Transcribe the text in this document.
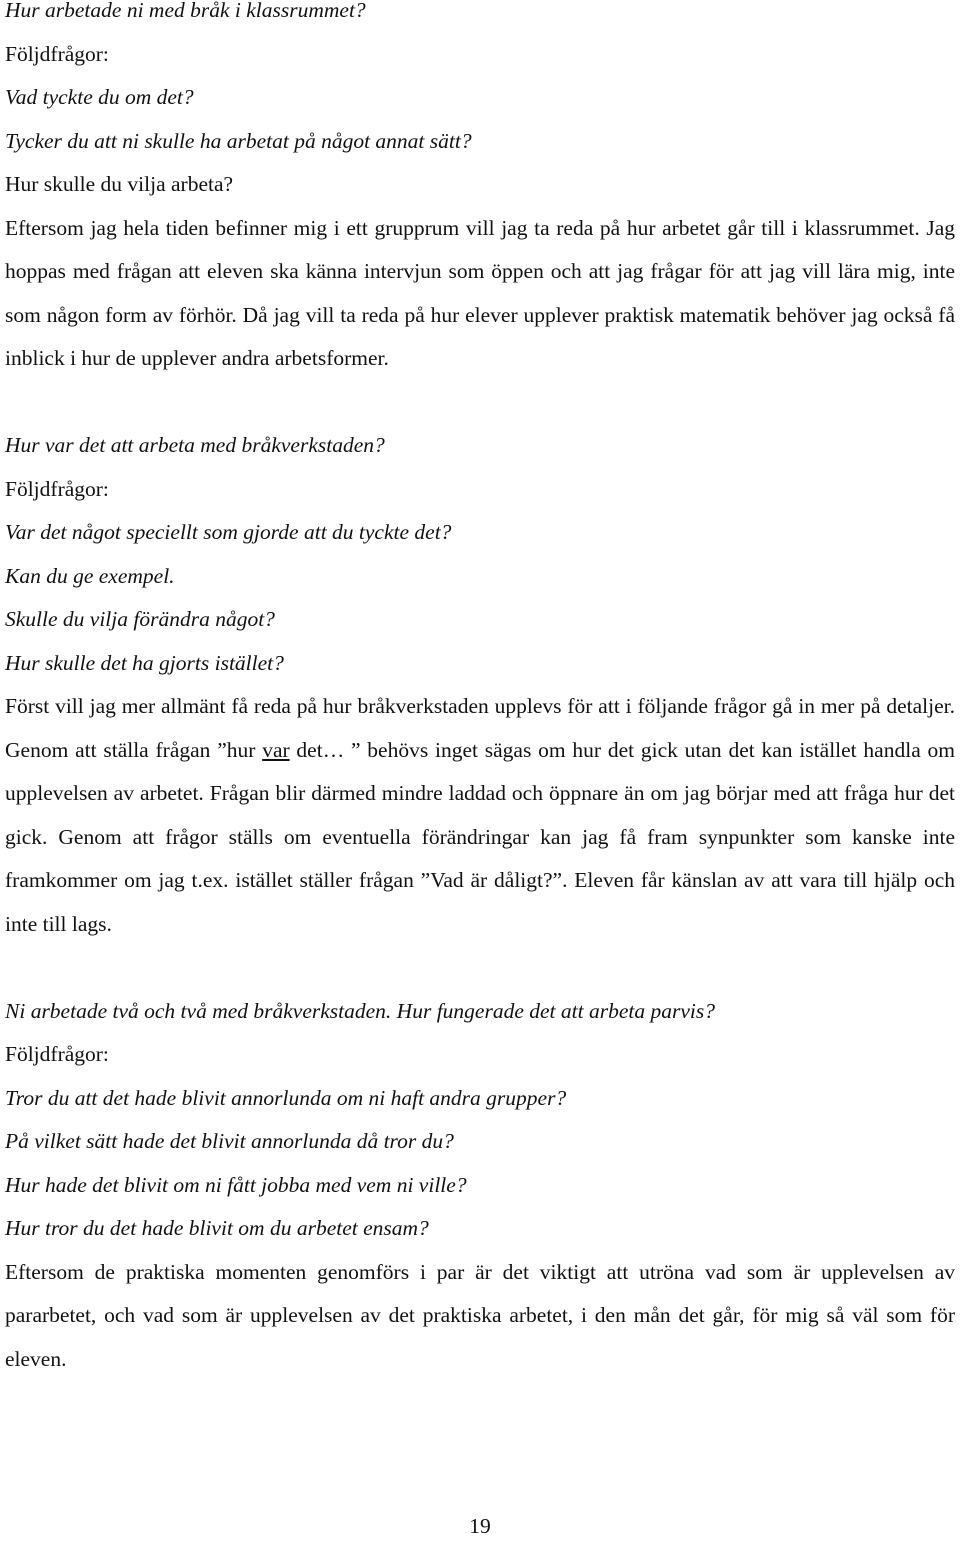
Hur arbetade ni med bråk i klassrummet?
Följdfrågor:
Vad tyckte du om det?
Tycker du att ni skulle ha arbetat på något annat sätt?
Hur skulle du vilja arbeta?

Eftersom jag hela tiden befinner mig i ett grupprum vill jag ta reda på hur arbetet går till i klassrummet. Jag hoppas med frågan att eleven ska känna intervjun som öppen och att jag frågar för att jag vill lära mig, inte som någon form av förhör. Då jag vill ta reda på hur elever upplever praktisk matematik behöver jag också få inblick i hur de upplever andra arbetsformer.

Hur var det att arbeta med bråkverkstaden?
Följdfrågor:
Var det något speciellt som gjorde att du tyckte det?
Kan du ge exempel.
Skulle du vilja förändra något?
Hur skulle det ha gjorts istället?

Först vill jag mer allmänt få reda på hur bråkverkstaden upplevs för att i följande frågor gå in mer på detaljer. Genom att ställa frågan ”hur var det… ” behövs inget sägas om hur det gick utan det kan istället handla om upplevelsen av arbetet. Frågan blir därmed mindre laddad och öppnare än om jag börjar med att fråga hur det gick. Genom att frågor ställs om eventuella förändringar kan jag få fram synpunkter som kanske inte framkommer om jag t.ex. istället ställer frågan ”Vad är dåligt?”. Eleven får känslan av att vara till hjälp och inte till lags.

Ni arbetade två och två med bråkverkstaden. Hur fungerade det att arbeta parvis?
Följdfrågor:
Tror du att det hade blivit annorlunda om ni haft andra grupper?
På vilket sätt hade det blivit annorlunda då tror du?
Hur hade det blivit om ni fått jobba med vem ni ville?
Hur tror du det hade blivit om du arbetet ensam?

Eftersom de praktiska momenten genomförs i par är det viktigt att utröna vad som är upplevelsen av pararbetet, och vad som är upplevelsen av det praktiska arbetet, i den mån det går, för mig så väl som för eleven.

19
